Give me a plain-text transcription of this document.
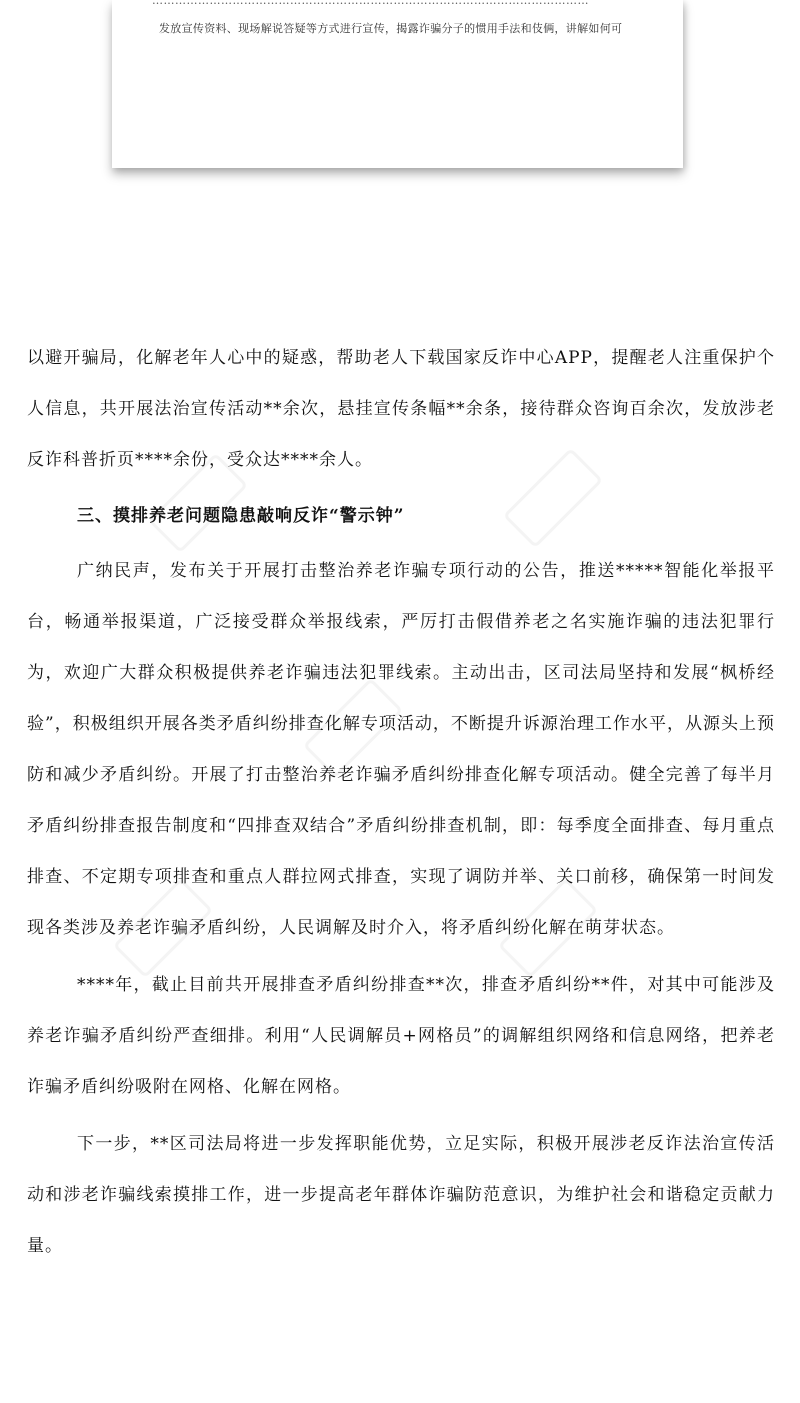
……………………………………………………………………………………………………
发放宣传资料、现场解说答疑等方式进行宣传，揭露诈骗分子的惯用手法和伎俩，讲解如何可

以避开骗局，化解老年人心中的疑惑，帮助老人下载国家反诈中心APP，提醒老人注重保护个人信息，共开展法治宣传活动**余次，悬挂宣传条幅**余条，接待群众咨询百余次，发放涉老反诈科普折页****余份，受众达****余人。

三、摸排养老问题隐患敲响反诈“警示钟”

广纳民声，发布关于开展打击整治养老诈骗专项行动的公告，推送*****智能化举报平台，畅通举报渠道，广泛接受群众举报线索，严厉打击假借养老之名实施诈骗的违法犯罪行为，欢迎广大群众积极提供养老诈骗违法犯罪线索。主动出击，区司法局坚持和发展“枫桥经验”，积极组织开展各类矛盾纠纷排查化解专项活动，不断提升诉源治理工作水平，从源头上预防和减少矛盾纠纷。开展了打击整治养老诈骗矛盾纠纷排查化解专项活动。健全完善了每半月矛盾纠纷排查报告制度和“四排查双结合”矛盾纠纷排查机制，即：每季度全面排查、每月重点排查、不定期专项排查和重点人群拉网式排查，实现了调防并举、关口前移，确保第一时间发现各类涉及养老诈骗矛盾纠纷，人民调解及时介入，将矛盾纠纷化解在萌芽状态。

****年，截止目前共开展排查矛盾纠纷排查**次，排查矛盾纠纷**件，对其中可能涉及养老诈骗矛盾纠纷严查细排。利用“人民调解员+网格员”的调解组织网络和信息网络，把养老诈骗矛盾纠纷吸附在网格、化解在网格。

下一步，**区司法局将进一步发挥职能优势，立足实际，积极开展涉老反诈法治宣传活动和涉老诈骗线索摸排工作，进一步提高老年群体诈骗防范意识，为维护社会和谐稳定贡献力量。
